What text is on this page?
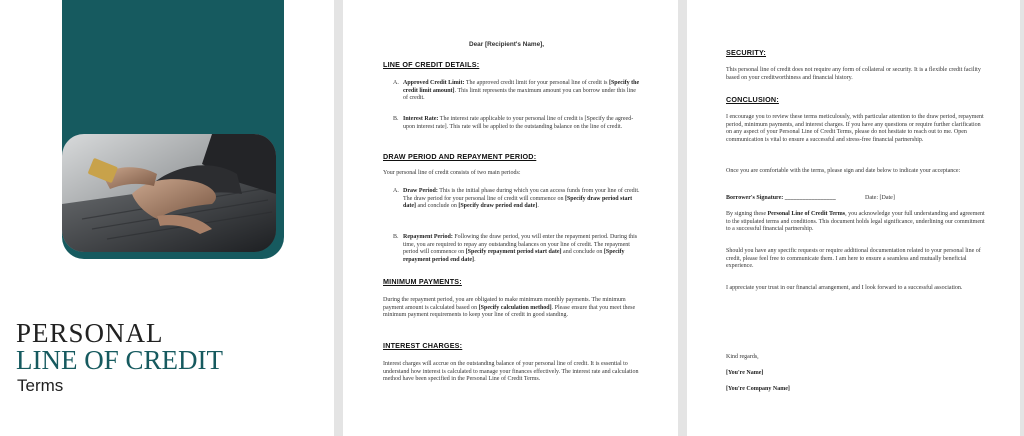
PERSONAL
LINE OF CREDIT
Terms
Dear [Recipient's Name],
LINE OF CREDIT DETAILS:
A. Approved Credit Limit: The approved credit limit for your personal line of credit is [Specify the credit limit amount]. This limit represents the maximum amount you can borrow under this line of credit.
B. Interest Rate: The interest rate applicable to your personal line of credit is [Specify the agreed-upon interest rate]. This rate will be applied to the outstanding balance on the line of credit.
DRAW PERIOD AND REPAYMENT PERIOD:
Your personal line of credit consists of two main periods:
A. Draw Period: This is the initial phase during which you can access funds from your line of credit. The draw period for your personal line of credit will commence on [Specify draw period start date] and conclude on [Specify draw period end date].
B. Repayment Period: Following the draw period, you will enter the repayment period. During this time, you are required to repay any outstanding balances on your line of credit. The repayment period will commence on [Specify repayment period start date] and conclude on [Specify repayment period end date].
MINIMUM PAYMENTS:
During the repayment period, you are obligated to make minimum monthly payments. The minimum payment amount is calculated based on [Specify calculation method]. Please ensure that you meet these minimum payment requirements to keep your line of credit in good standing.
INTEREST CHARGES:
Interest charges will accrue on the outstanding balance of your personal line of credit. It is essential to understand how interest is calculated to manage your finances effectively. The interest rate and calculation method have been specified in the Personal Line of Credit Terms.
SECURITY:
This personal line of credit does not require any form of collateral or security. It is a flexible credit facility based on your creditworthiness and financial history.
CONCLUSION:
I encourage you to review these terms meticulously, with particular attention to the draw period, repayment period, minimum payments, and interest charges. If you have any questions or require further clarification on any aspect of your Personal Line of Credit Terms, please do not hesitate to reach out to me. Open communication is vital to ensure a successful and stress-free financial partnership.
Once you are comfortable with the terms, please sign and date below to indicate your acceptance:
Borrower's Signature: _________________	Date: [Date]
By signing these Personal Line of Credit Terms, you acknowledge your full understanding and agreement to the stipulated terms and conditions. This document holds legal significance, underlining our commitment to a successful financial partnership.
Should you have any specific requests or require additional documentation related to your personal line of credit, please feel free to communicate them. I am here to ensure a seamless and mutually beneficial experience.
I appreciate your trust in our financial arrangement, and I look forward to a successful association.
Kind regards,
[You're Name]
[You're Company Name]
